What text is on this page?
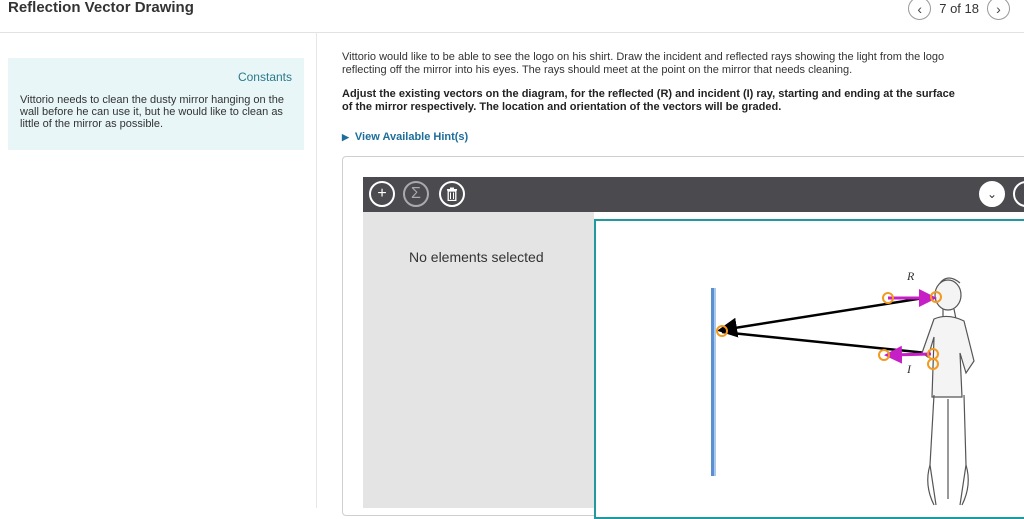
Reflection Vector Drawing	‹ 7 of 18 ›
Constants
Vittorio needs to clean the dusty mirror hanging on the wall before he can use it, but he would like to clean as little of the mirror as possible.
Vittorio would like to be able to see the logo on his shirt. Draw the incident and reflected rays showing the light from the logo reflecting off the mirror into his eyes. The rays should meet at the point on the mirror that needs cleaning.
Adjust the existing vectors on the diagram, for the reflected (R) and incident (I) ray, starting and ending at the surface of the mirror respectively. The location and orientation of the vectors will be graded.
▶ View Available Hint(s)
+ Σ	⌄
No elements selected
R
I
